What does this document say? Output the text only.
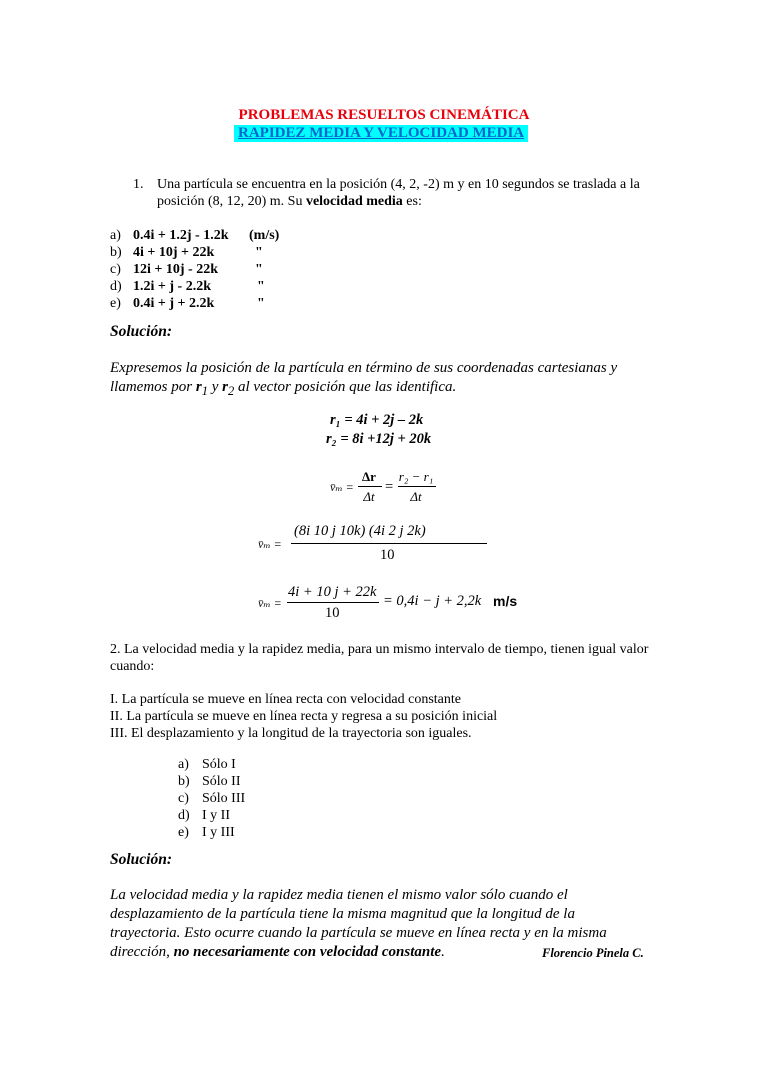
PROBLEMAS RESUELTOS CINEMÁTICA
RAPIDEZ MEDIA Y VELOCIDAD MEDIA
1. Una partícula se encuentra en la posición (4, 2, -2) m y en 10 segundos se traslada a la
posición (8, 12, 20) m. Su velocidad media es:
a) 0.4i + 1.2j - 1.2k (m/s)
b) 4i + 10j + 22k	"
c) 12i + 10j - 22k	"
d) 1.2i + j - 2.2k	"
e) 0.4i + j + 2.2k	"
Solución:
Expresemos la posición de la partícula en término de sus coordenadas cartesianas y
llamemos por $r_1$ y $r_2$ al vector posición que las identifica.
r₁ = 4i + 2j – 2k
r₂ = 8i +12j + 20k
v̄ₘ =
Δr
Δt
=
r₂ − r₁
Δt
v̄ₘ =
(8i 10 j 10k) (4i 2 j 2k)
10
v̄ₘ =
4i + 10 j + 22k
10
= 0,4i − j + 2,2k m/s
2. La velocidad media y la rapidez media, para un mismo intervalo de tiempo, tienen igual valor
cuando:
I. La partícula se mueve en línea recta con velocidad constante
II. La partícula se mueve en línea recta y regresa a su posición inicial
III. El desplazamiento y la longitud de la trayectoria son iguales.
a) Sólo I
b) Sólo II
c) Sólo III
d) I y II
e) I y III
Solución:
La velocidad media y la rapidez media tienen el mismo valor sólo cuando el
desplazamiento de la partícula tiene la misma magnitud que la longitud de la
trayectoria. Esto ocurre cuando la partícula se mueve en línea recta y en la misma
dirección, no necesariamente con velocidad constante.	Florencio Pinela C.
